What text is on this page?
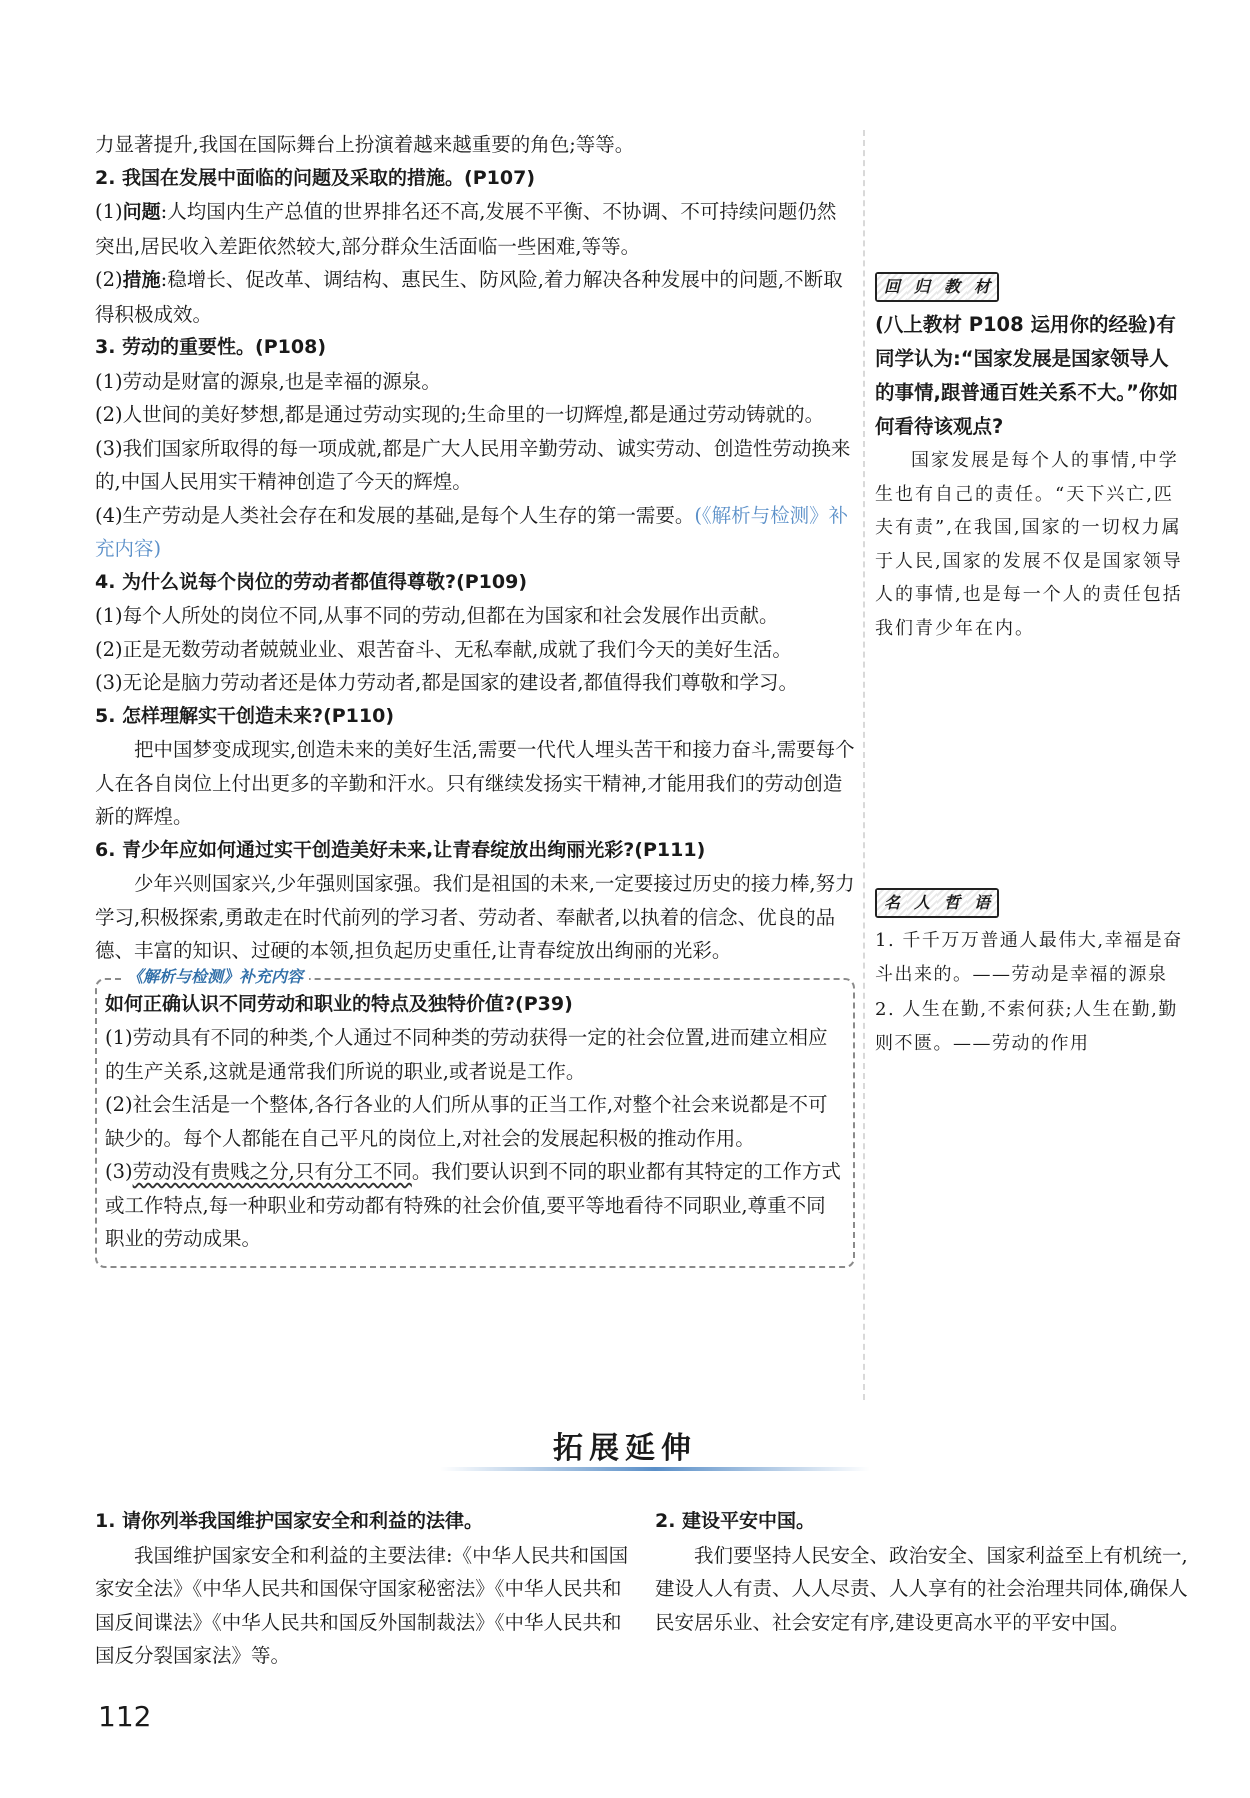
力显著提升,我国在国际舞台上扮演着越来越重要的角色;等等。

2. 我国在发展中面临的问题及采取的措施。(P107)

(1)问题:人均国内生产总值的世界排名还不高,发展不平衡、不协调、不可持续问题仍然突出,居民收入差距依然较大,部分群众生活面临一些困难,等等。

(2)措施:稳增长、促改革、调结构、惠民生、防风险,着力解决各种发展中的问题,不断取得积极成效。

3. 劳动的重要性。(P108)

(1)劳动是财富的源泉,也是幸福的源泉。

(2)人世间的美好梦想,都是通过劳动实现的;生命里的一切辉煌,都是通过劳动铸就的。

(3)我们国家所取得的每一项成就,都是广大人民用辛勤劳动、诚实劳动、创造性劳动换来的,中国人民用实干精神创造了今天的辉煌。

(4)生产劳动是人类社会存在和发展的基础,是每个人生存的第一需要。(《解析与检测》补充内容)

4. 为什么说每个岗位的劳动者都值得尊敬?(P109)

(1)每个人所处的岗位不同,从事不同的劳动,但都在为国家和社会发展作出贡献。

(2)正是无数劳动者兢兢业业、艰苦奋斗、无私奉献,成就了我们今天的美好生活。

(3)无论是脑力劳动者还是体力劳动者,都是国家的建设者,都值得我们尊敬和学习。

5. 怎样理解实干创造未来?(P110)

把中国梦变成现实,创造未来的美好生活,需要一代代人埋头苦干和接力奋斗,需要每个人在各自岗位上付出更多的辛勤和汗水。只有继续发扬实干精神,才能用我们的劳动创造新的辉煌。

6. 青少年应如何通过实干创造美好未来,让青春绽放出绚丽光彩?(P111)

少年兴则国家兴,少年强则国家强。我们是祖国的未来,一定要接过历史的接力棒,努力学习,积极探索,勇敢走在时代前列的学习者、劳动者、奉献者,以执着的信念、优良的品德、丰富的知识、过硬的本领,担负起历史重任,让青春绽放出绚丽的光彩。

《解析与检测》补充内容

如何正确认识不同劳动和职业的特点及独特价值?(P39)

(1)劳动具有不同的种类,个人通过不同种类的劳动获得一定的社会位置,进而建立相应的生产关系,这就是通常我们所说的职业,或者说是工作。

(2)社会生活是一个整体,各行各业的人们所从事的正当工作,对整个社会来说都是不可缺少的。每个人都能在自己平凡的岗位上,对社会的发展起积极的推动作用。

(3)劳动没有贵贱之分,只有分工不同。我们要认识到不同的职业都有其特定的工作方式或工作特点,每一种职业和劳动都有特殊的社会价值,要平等地看待不同职业,尊重不同职业的劳动成果。

回 归 教 材
(八上教材 P108 运用你的经验)有同学认为:“国家发展是国家领导人的事情,跟普通百姓关系不大。”你如何看待该观点?
国家发展是每个人的事情,中学生也有自己的责任。“天下兴亡,匹夫有责”,在我国,国家的一切权力属于人民,国家的发展不仅是国家领导人的事情,也是每一个人的责任包括我们青少年在内。
名 人 哲 语
1. 千千万万普通人最伟大,幸福是奋斗出来的。——劳动是幸福的源泉
2. 人生在勤,不索何获;人生在勤,勤则不匮。——劳动的作用
拓展延伸

1. 请你列举我国维护国家安全和利益的法律。

我国维护国家安全和利益的主要法律:《中华人民共和国国家安全法》《中华人民共和国保守国家秘密法》《中华人民共和国反间谍法》《中华人民共和国反外国制裁法》《中华人民共和国反分裂国家法》等。

2. 建设平安中国。

我们要坚持人民安全、政治安全、国家利益至上有机统一,建设人人有责、人人尽责、人人享有的社会治理共同体,确保人民安居乐业、社会安定有序,建设更高水平的平安中国。

112
